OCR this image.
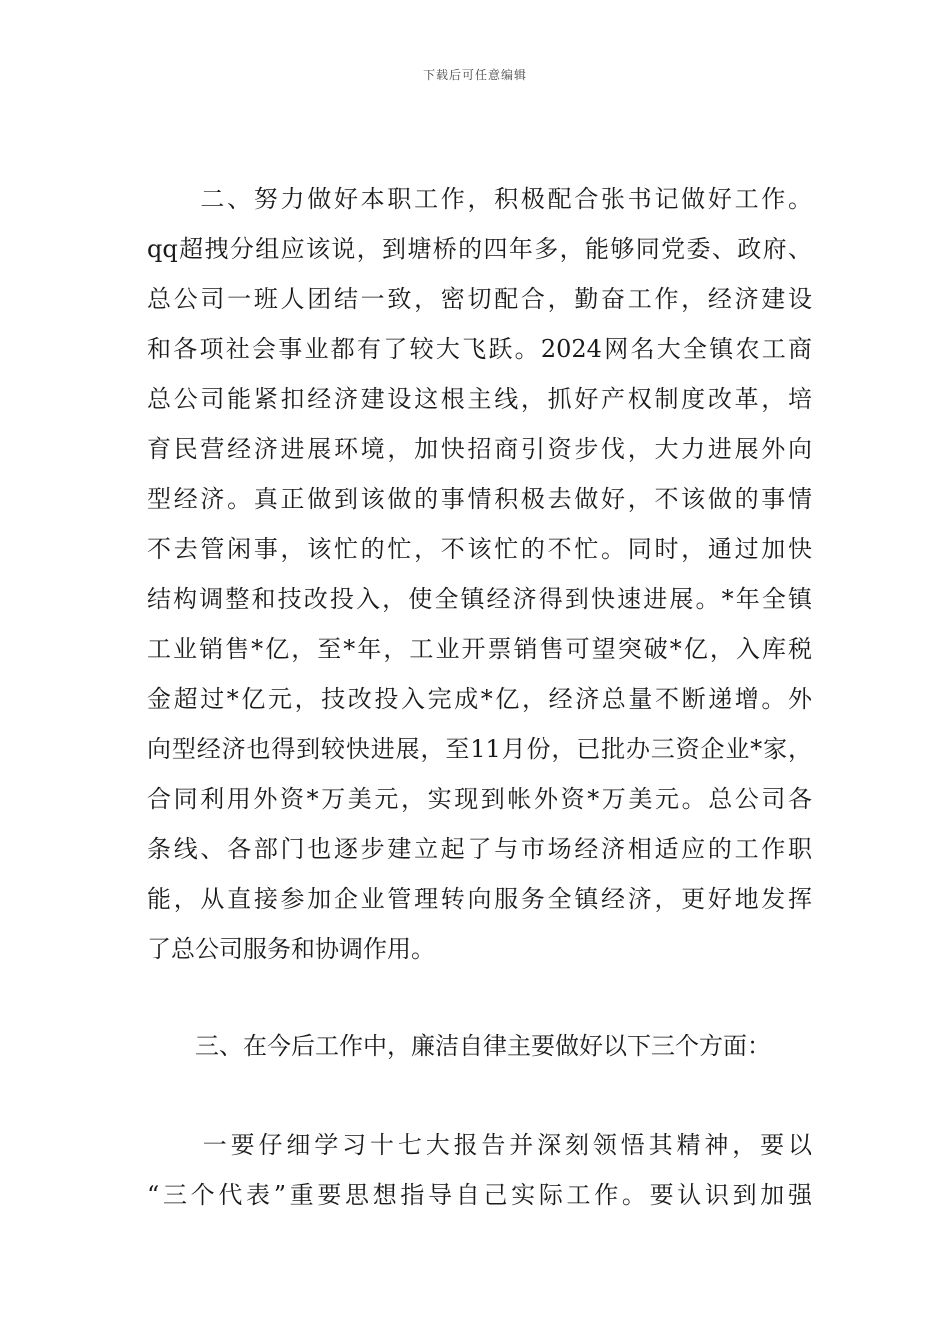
下载后可任意编辑
　　二、努力做好本职工作，积极配合张书记做好工作。
qq超拽分组应该说，到塘桥的四年多，能够同党委、政府、
总公司一班人团结一致，密切配合，勤奋工作，经济建设
和各项社会事业都有了较大飞跃。2024网名大全镇农工商
总公司能紧扣经济建设这根主线，抓好产权制度改革，培
育民营经济进展环境，加快招商引资步伐，大力进展外向
型经济。真正做到该做的事情积极去做好，不该做的事情
不去管闲事，该忙的忙，不该忙的不忙。同时，通过加快
结构调整和技改投入，使全镇经济得到快速进展。*年全镇
工业销售*亿，至*年，工业开票销售可望突破*亿，入库税
金超过*亿元，技改投入完成*亿，经济总量不断递增。外
向型经济也得到较快进展，至11月份，已批办三资企业*家，
合同利用外资*万美元，实现到帐外资*万美元。总公司各
条线、各部门也逐步建立起了与市场经济相适应的工作职
能，从直接参加企业管理转向服务全镇经济，更好地发挥
了总公司服务和协调作用。
　　三、在今后工作中，廉洁自律主要做好以下三个方面：
　　一要仔细学习十七大报告并深刻领悟其精神，要以
“三个代表”重要思想指导自己实际工作。要认识到加强
